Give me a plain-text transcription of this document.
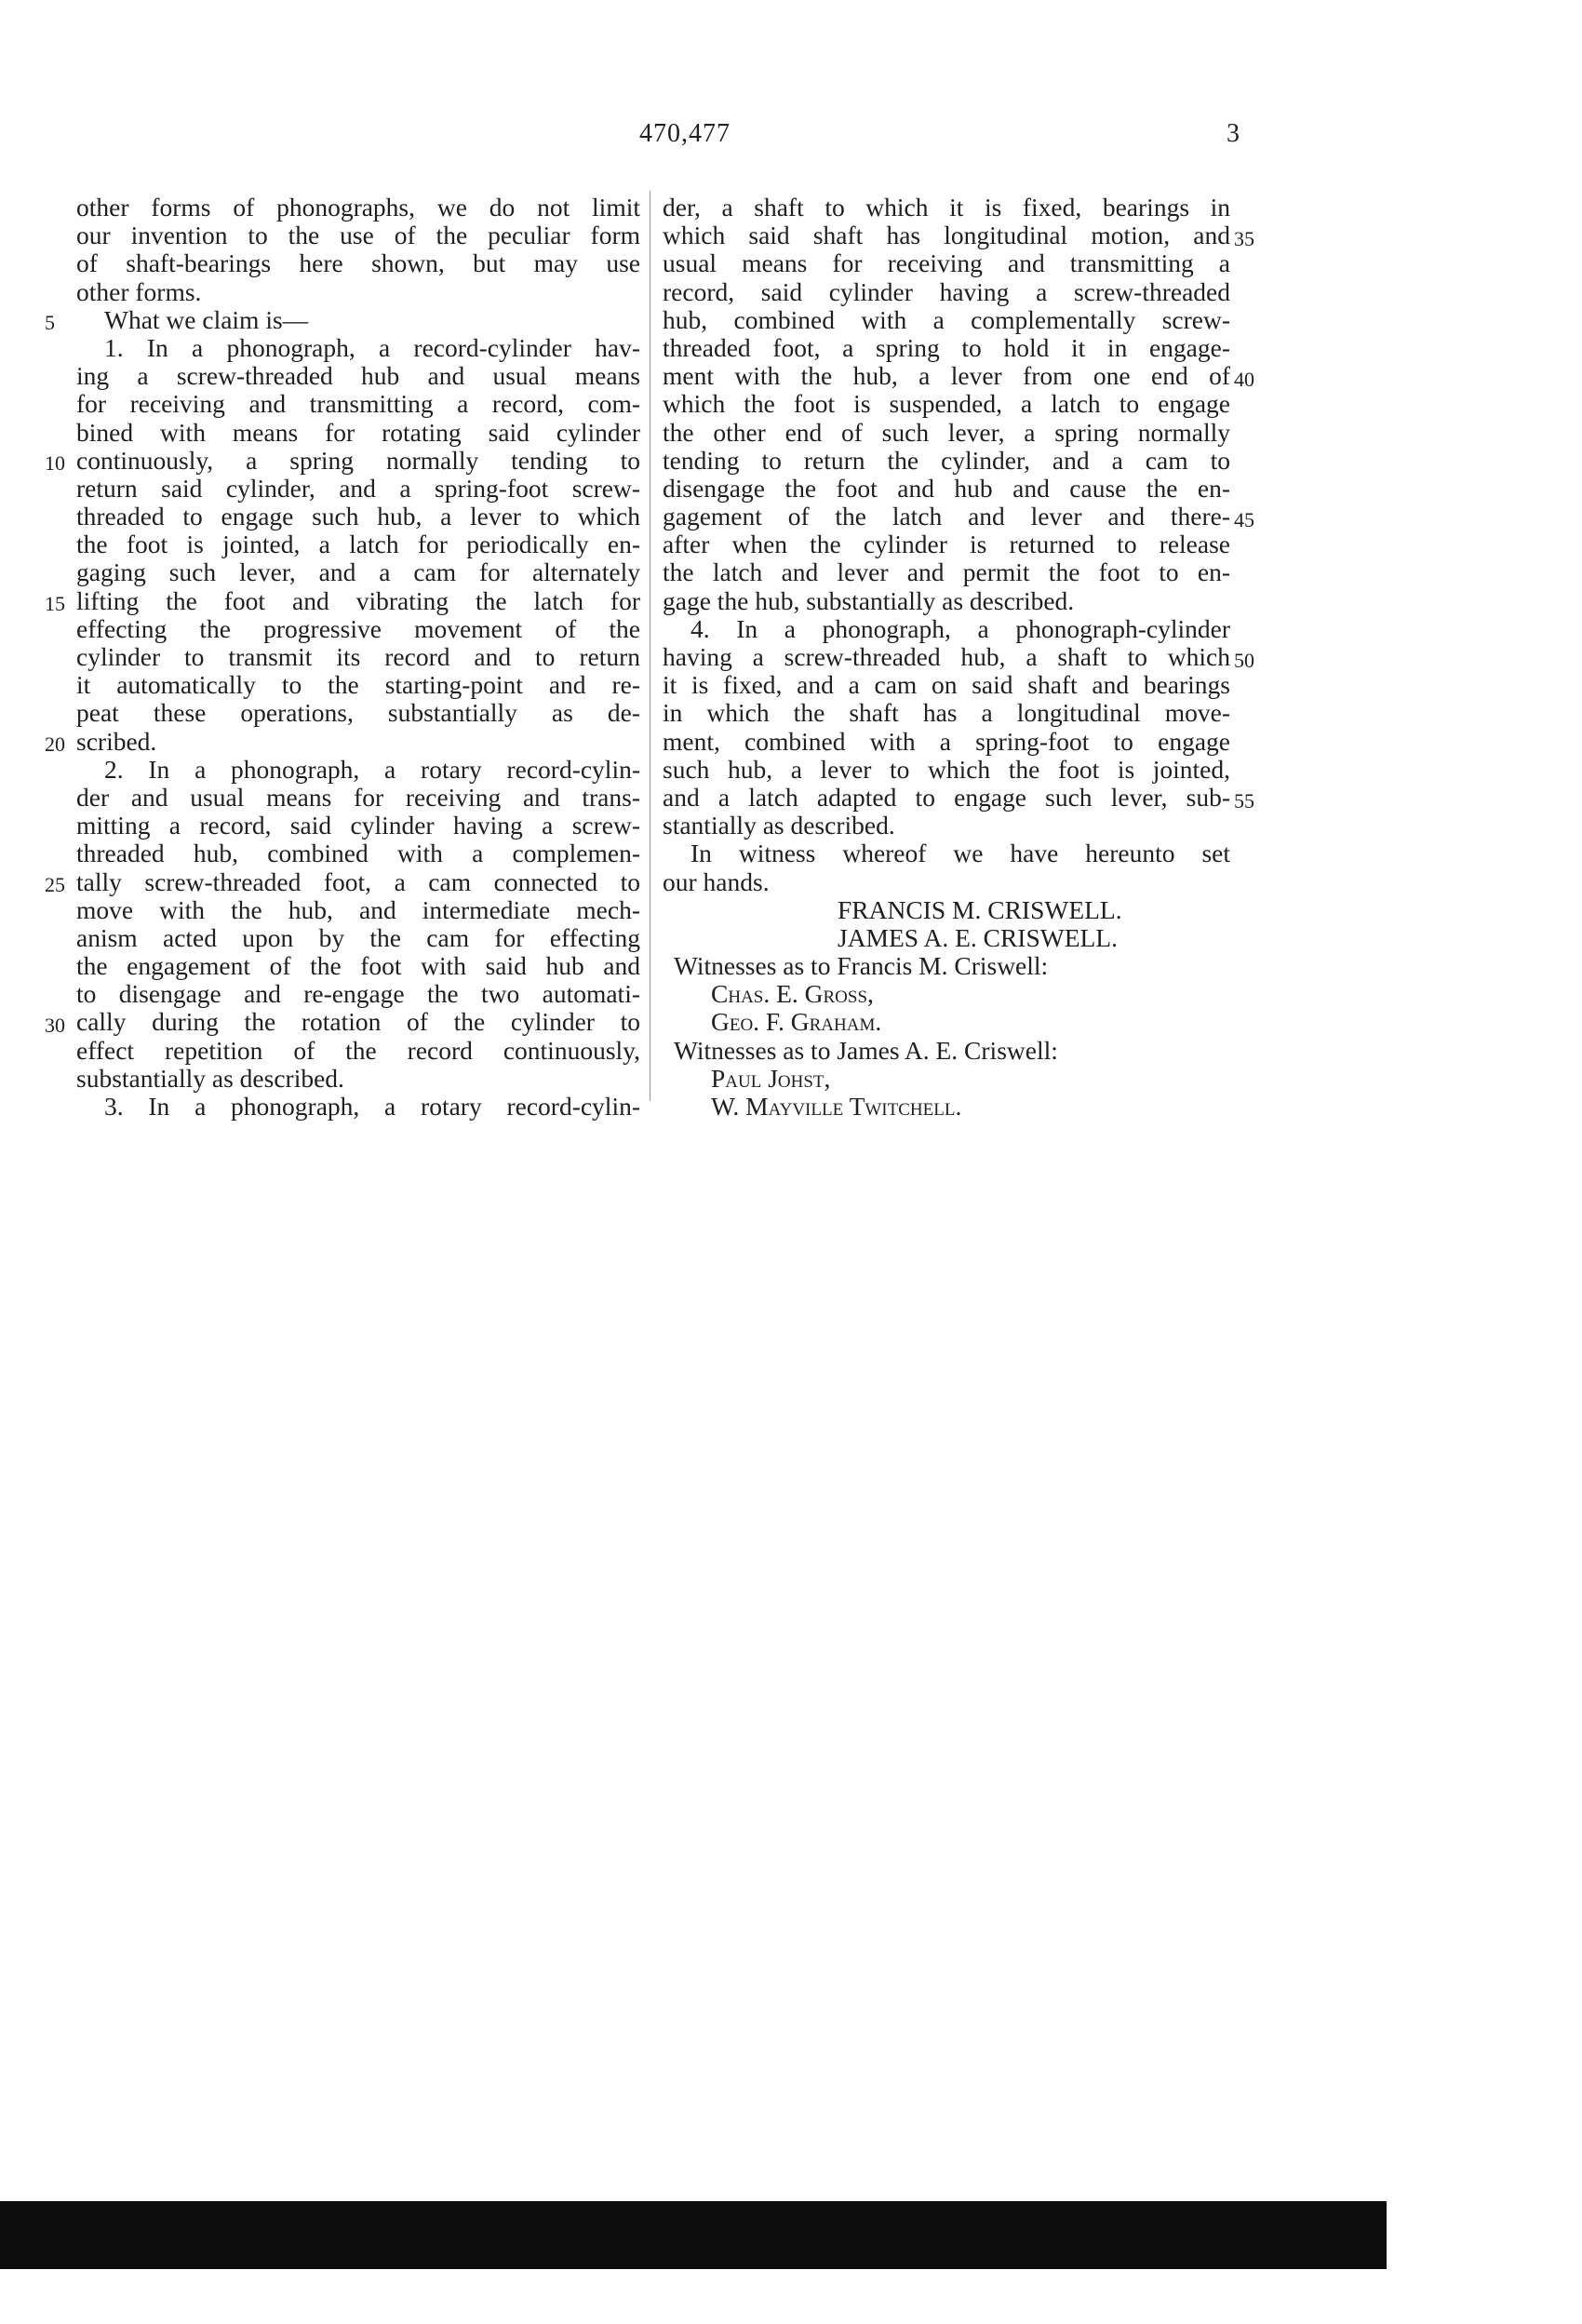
470,477	3
other forms of phonographs, we do not limit
our invention to the use of the peculiar form
of shaft-bearings here shown, but may use
other forms.
What we claim is—
1. In a phonograph, a record-cylinder hav-
ing a screw-threaded hub and usual means
for receiving and transmitting a record, com-
bined with means for rotating said cylinder
continuously, a spring normally tending to
return said cylinder, and a spring-foot screw-
threaded to engage such hub, a lever to which
the foot is jointed, a latch for periodically en-
gaging such lever, and a cam for alternately
lifting the foot and vibrating the latch for
effecting the progressive movement of the
cylinder to transmit its record and to return
it automatically to the starting-point and re-
peat these operations, substantially as de-
scribed.
2. In a phonograph, a rotary record-cylin-
der and usual means for receiving and trans-
mitting a record, said cylinder having a screw-
threaded hub, combined with a complemen-
tally screw-threaded foot, a cam connected to
move with the hub, and intermediate mech-
anism acted upon by the cam for effecting
the engagement of the foot with said hub and
to disengage and re-engage the two automati-
cally during the rotation of the cylinder to
effect repetition of the record continuously,
substantially as described.
3. In a phonograph, a rotary record-cylin-
der, a shaft to which it is fixed, bearings in
which said shaft has longitudinal motion, and
usual means for receiving and transmitting a
record, said cylinder having a screw-threaded
hub, combined with a complementally screw-
threaded foot, a spring to hold it in engage-
ment with the hub, a lever from one end of
which the foot is suspended, a latch to engage
the other end of such lever, a spring normally
tending to return the cylinder, and a cam to
disengage the foot and hub and cause the en-
gagement of the latch and lever and there-
after when the cylinder is returned to release
the latch and lever and permit the foot to en-
gage the hub, substantially as described.
4. In a phonograph, a phonograph-cylinder
having a screw-threaded hub, a shaft to which
it is fixed, and a cam on said shaft and bearings
in which the shaft has a longitudinal move-
ment, combined with a spring-foot to engage
such hub, a lever to which the foot is jointed,
and a latch adapted to engage such lever, sub-
stantially as described.
In witness whereof we have hereunto set
our hands.
FRANCIS M. CRISWELL.
JAMES A. E. CRISWELL.
Witnesses as to Francis M. Criswell:
Chas. E. Gross,
Geo. F. Graham.
Witnesses as to James A. E. Criswell:
Paul Johst,
W. Mayville Twitchell.
5
10
15
20
25
30
35
40
45
50
55
